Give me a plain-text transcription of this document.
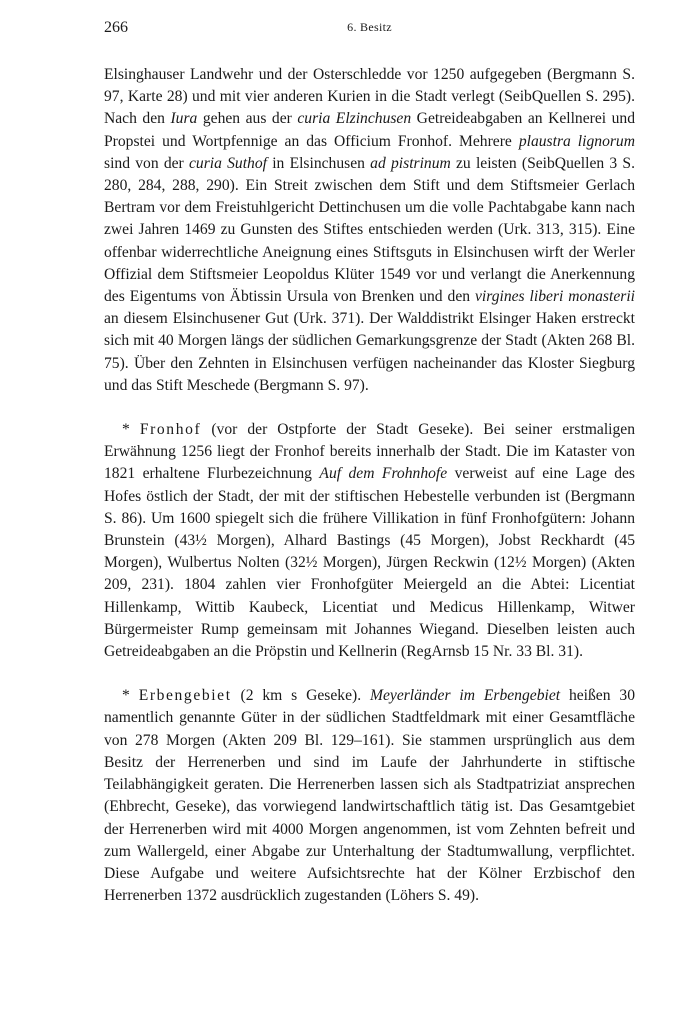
266	6. Besitz

Elsinghauser Landwehr und der Osterschledde vor 1250 aufgegeben (Bergmann S. 97, Karte 28) und mit vier anderen Kurien in die Stadt verlegt (SeibQuellen S. 295). Nach den Iura gehen aus der curia Elzinchusen Getreideabgaben an Kellnerei und Propstei und Wortpfennige an das Officium Fronhof. Mehrere plaustra lignorum sind von der curia Suthof in Elsinchusen ad pistrinum zu leisten (SeibQuellen 3 S. 280, 284, 288, 290). Ein Streit zwischen dem Stift und dem Stiftsmeier Gerlach Bertram vor dem Freistuhlgericht Dettinchusen um die volle Pachtabgabe kann nach zwei Jahren 1469 zu Gunsten des Stiftes entschieden werden (Urk. 313, 315). Eine offenbar widerrechtliche Aneignung eines Stiftsguts in Elsinchusen wirft der Werler Offizial dem Stiftsmeier Leopoldus Klüter 1549 vor und verlangt die Anerkennung des Eigentums von Äbtissin Ursula von Brenken und den virgines liberi monasterii an diesem Elsinchusener Gut (Urk. 371). Der Walddistrikt Elsinger Haken erstreckt sich mit 40 Morgen längs der südlichen Gemarkungsgrenze der Stadt (Akten 268 Bl. 75). Über den Zehnten in Elsinchusen verfügen nacheinander das Kloster Siegburg und das Stift Meschede (Bergmann S. 97).

* Fronhof (vor der Ostpforte der Stadt Geseke). Bei seiner erstmaligen Erwähnung 1256 liegt der Fronhof bereits innerhalb der Stadt. Die im Kataster von 1821 erhaltene Flurbezeichnung Auf dem Frohnhofe verweist auf eine Lage des Hofes östlich der Stadt, der mit der stiftischen Hebestelle verbunden ist (Bergmann S. 86). Um 1600 spiegelt sich die frühere Villikation in fünf Fronhofgütern: Johann Brunstein (43½ Morgen), Alhard Bastings (45 Morgen), Jobst Reckhardt (45 Morgen), Wulbertus Nolten (32½ Morgen), Jürgen Reckwin (12½ Morgen) (Akten 209, 231). 1804 zahlen vier Fronhofgüter Meiergeld an die Abtei: Licentiat Hillenkamp, Wittib Kaubeck, Licentiat und Medicus Hillenkamp, Witwer Bürgermeister Rump gemeinsam mit Johannes Wiegand. Dieselben leisten auch Getreideabgaben an die Pröpstin und Kellnerin (RegArnsb 15 Nr. 33 Bl. 31).

* Erbengebiet (2 km s Geseke). Meyerländer im Erbengebiet heißen 30 namentlich genannte Güter in der südlichen Stadtfeldmark mit einer Gesamtfläche von 278 Morgen (Akten 209 Bl. 129–161). Sie stammen ursprünglich aus dem Besitz der Herrenerben und sind im Laufe der Jahrhunderte in stiftische Teilabhängigkeit geraten. Die Herrenerben lassen sich als Stadtpatriziat ansprechen (Ehbrecht, Geseke), das vorwiegend landwirtschaftlich tätig ist. Das Gesamtgebiet der Herrenerben wird mit 4000 Morgen angenommen, ist vom Zehnten befreit und zum Wallergeld, einer Abgabe zur Unterhaltung der Stadtumwallung, verpflichtet. Diese Aufgabe und weitere Aufsichtsrechte hat der Kölner Erzbischof den Herrenerben 1372 ausdrücklich zugestanden (Löhers S. 49).
